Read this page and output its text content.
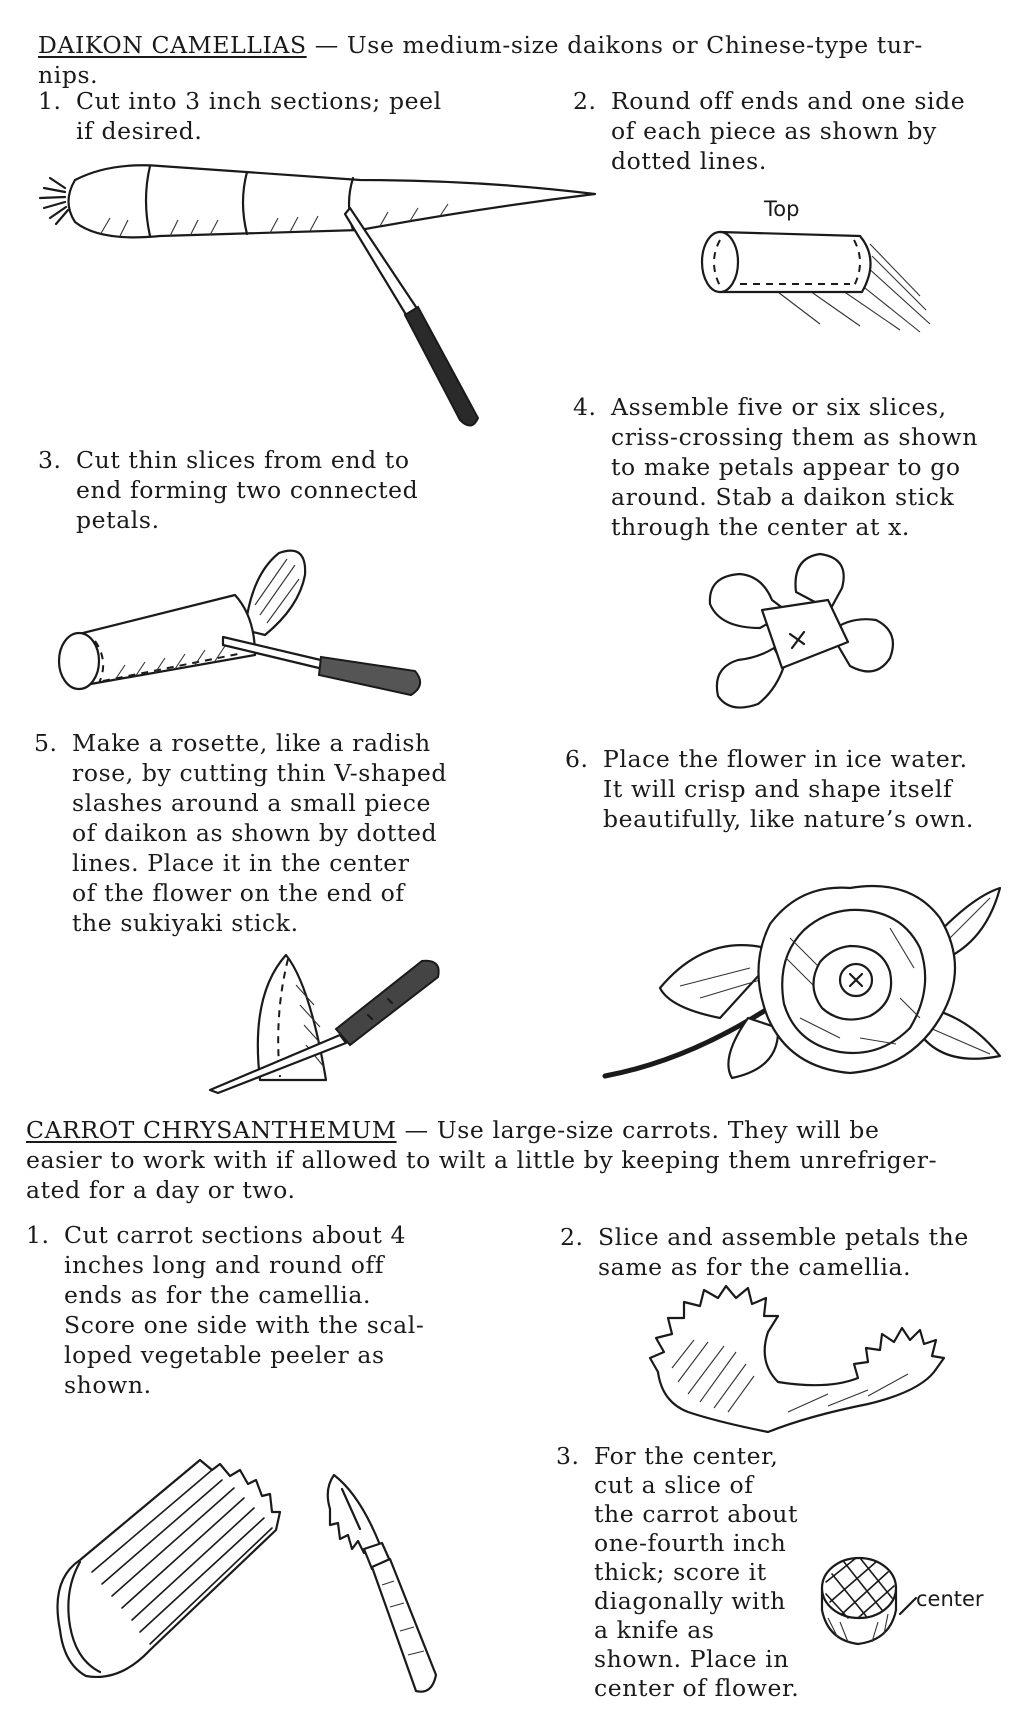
DAIKON CAMELLIAS — Use medium-size daikons or Chinese-type tur-
nips.
1. Cut into 3 inch sections; peel
if desired.
2. Round off ends and one side
of each piece as shown by
dotted lines.
Top
4. Assemble five or six slices,
criss-crossing them as shown
to make petals appear to go
around. Stab a daikon stick
through the center at x.
3. Cut thin slices from end to
end forming two connected
petals.
5. Make a rosette, like a radish
rose, by cutting thin V-shaped
slashes around a small piece
of daikon as shown by dotted
lines. Place it in the center
of the flower on the end of
the sukiyaki stick.
6. Place the flower in ice water.
It will crisp and shape itself
beautifully, like nature’s own.
CARROT CHRYSANTHEMUM — Use large-size carrots. They will be
easier to work with if allowed to wilt a little by keeping them unrefriger-
ated for a day or two.
1. Cut carrot sections about 4
inches long and round off
ends as for the camellia.
Score one side with the scal-
loped vegetable peeler as
shown.
2. Slice and assemble petals the
same as for the camellia.
3. For the center,
cut a slice of
the carrot about
one-fourth inch
thick; score it
diagonally with
a knife as
shown. Place in
center of flower.
center
